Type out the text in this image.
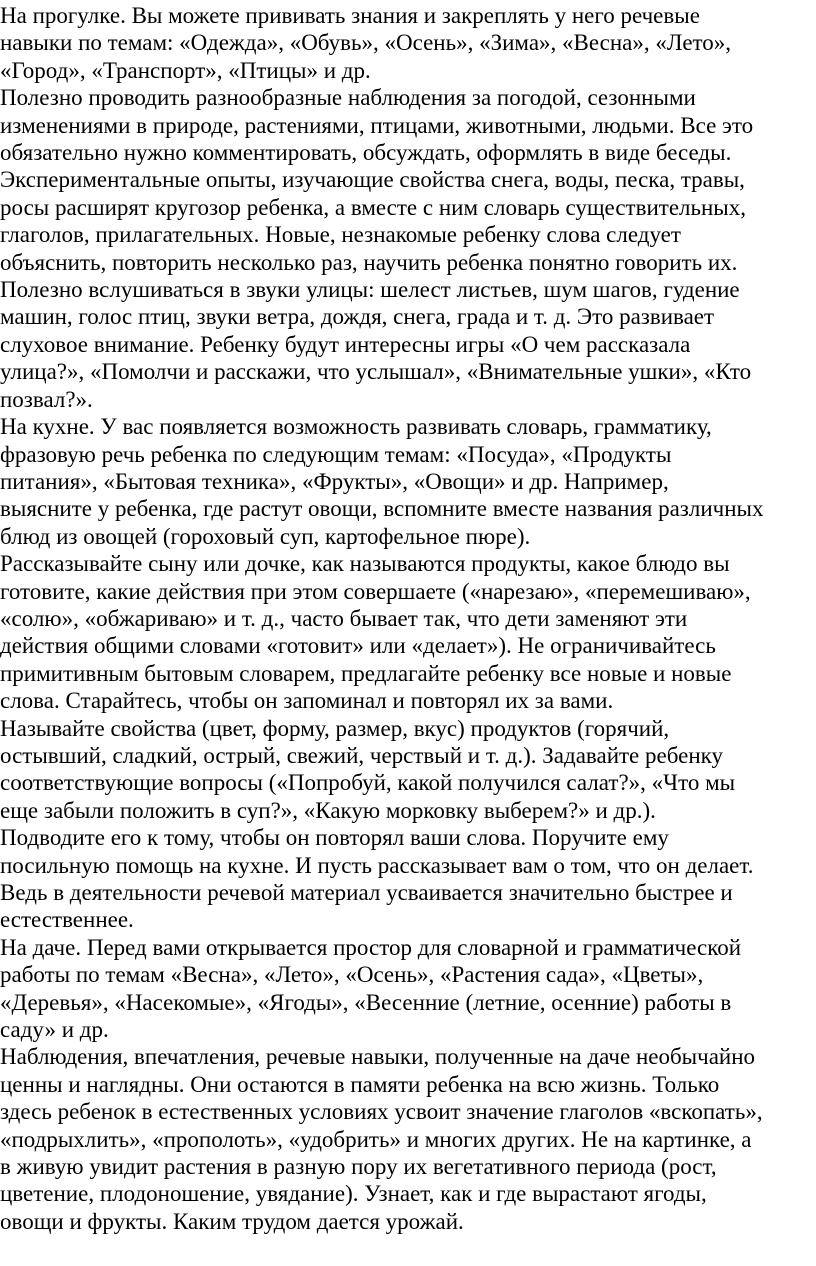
На прогулке. Вы можете прививать знания и закреплять у него речевые
навыки по темам: «Одежда», «Обувь», «Осень», «Зима», «Весна», «Лето»,
«Город», «Транспорт», «Птицы» и др.

Полезно проводить разнообразные наблюдения за погодой, сезонными
изменениями в природе, растениями, птицами, животными, людьми. Все это
обязательно нужно комментировать, обсуждать, оформлять в виде беседы.
Экспериментальные опыты, изучающие свойства снега, воды, песка, травы,
росы расширят кругозор ребенка, а вместе с ним словарь существительных,
глаголов, прилагательных. Новые, незнакомые ребенку слова следует
объяснить, повторить несколько раз, научить ребенка понятно говорить их.
Полезно вслушиваться в звуки улицы: шелест листьев, шум шагов, гудение
машин, голос птиц, звуки ветра, дождя, снега, града и т. д. Это развивает
слуховое внимание. Ребенку будут интересны игры «О чем рассказала
улица?», «Помолчи и расскажи, что услышал», «Внимательные ушки», «Кто
позвал?».

На кухне. У вас появляется возможность развивать словарь, грамматику,
фразовую речь ребенка по следующим темам: «Посуда», «Продукты
питания», «Бытовая техника», «Фрукты», «Овощи» и др. Например,
выясните у ребенка, где растут овощи, вспомните вместе названия различных
блюд из овощей (гороховый суп, картофельное пюре).

Рассказывайте сыну или дочке, как называются продукты, какое блюдо вы
готовите, какие действия при этом совершаете («нарезаю», «перемешиваю»,
«солю», «обжариваю» и т. д., часто бывает так, что дети заменяют эти
действия общими словами «готовит» или «делает»). Не ограничивайтесь
примитивным бытовым словарем, предлагайте ребенку все новые и новые
слова. Старайтесь, чтобы он запоминал и повторял их за вами.

Называйте свойства (цвет, форму, размер, вкус) продуктов (горячий,
остывший, сладкий, острый, свежий, черствый и т. д.). Задавайте ребенку
соответствующие вопросы («Попробуй, какой получился салат?», «Что мы
еще забыли положить в суп?», «Какую морковку выберем?» и др.).
Подводите его к тому, чтобы он повторял ваши слова. Поручите ему
посильную помощь на кухне. И пусть рассказывает вам о том, что он делает.
Ведь в деятельности речевой материал усваивается значительно быстрее и
естественнее.

На даче. Перед вами открывается простор для словарной и грамматической
работы по темам «Весна», «Лето», «Осень», «Растения сада», «Цветы»,
«Деревья», «Насекомые», «Ягоды», «Весенние (летние, осенние) работы в
саду» и др.

Наблюдения, впечатления, речевые навыки, полученные на даче необычайно
ценны и наглядны. Они остаются в памяти ребенка на всю жизнь. Только
здесь ребенок в естественных условиях усвоит значение глаголов «вскопать»,
«подрыхлить», «прополоть», «удобрить» и многих других. Не на картинке, а
в живую увидит растения в разную пору их вегетативного периода (рост,
цветение, плодоношение, увядание). Узнает, как и где вырастают ягоды,
овощи и фрукты. Каким трудом дается урожай.
